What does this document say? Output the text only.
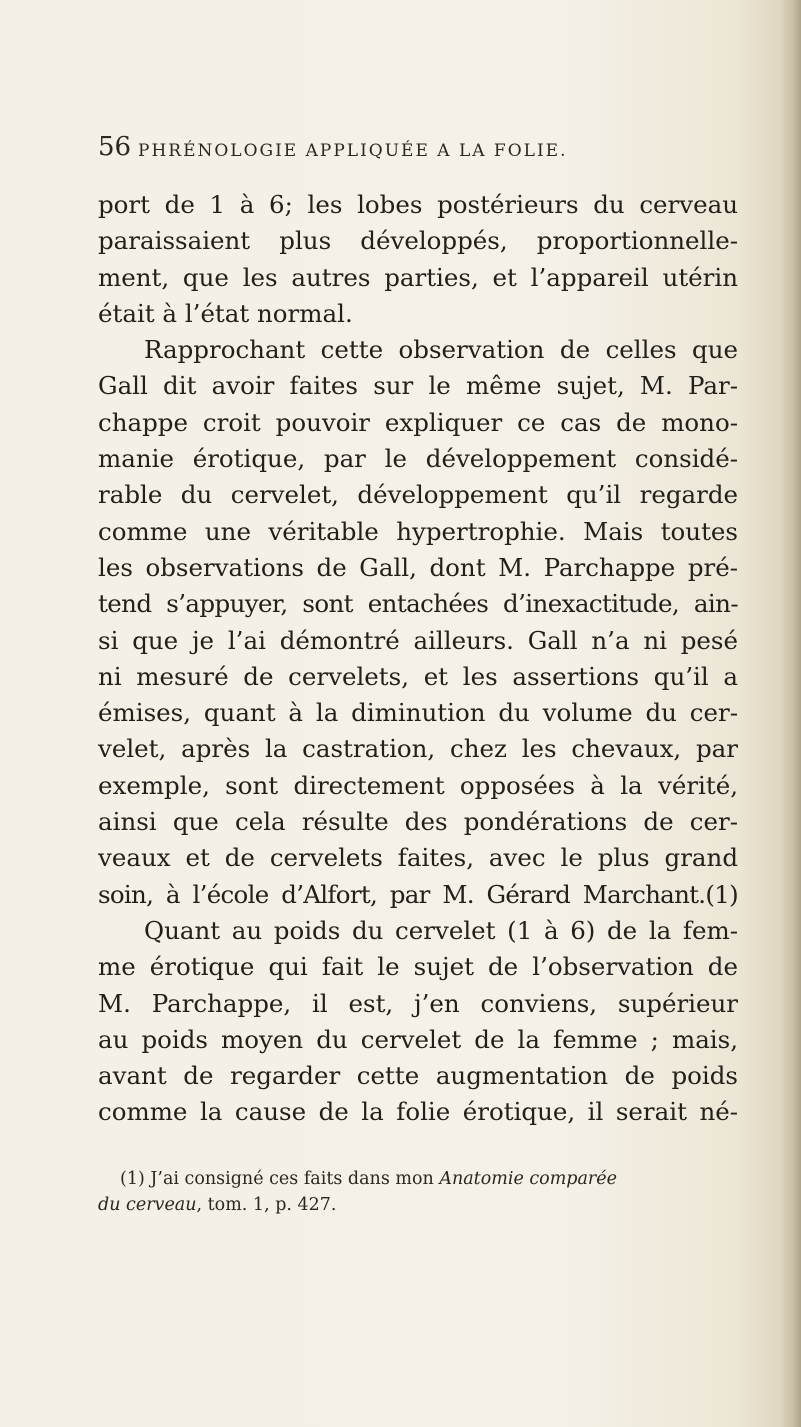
56 PHRÉNOLOGIE APPLIQUÉE A LA FOLIE.
port de 1 à 6; les lobes postérieurs du cerveau
paraissaient plus développés, proportionnelle-
ment, que les autres parties, et l’appareil utérin
était à l’état normal.
Rapprochant cette observation de celles que
Gall dit avoir faites sur le même sujet, M. Par-
chappe croit pouvoir expliquer ce cas de mono-
manie érotique, par le développement considé-
rable du cervelet, développement qu’il regarde
comme une véritable hypertrophie. Mais toutes
les observations de Gall, dont M. Parchappe pré-
tend s’appuyer, sont entachées d’inexactitude, ain-
si que je l’ai démontré ailleurs. Gall n’a ni pesé
ni mesuré de cervelets, et les assertions qu’il a
émises, quant à la diminution du volume du cer-
velet, après la castration, chez les chevaux, par
exemple, sont directement opposées à la vérité,
ainsi que cela résulte des pondérations de cer-
veaux et de cervelets faites, avec le plus grand
soin, à l’école d’Alfort, par M. Gérard Marchant.(1)
Quant au poids du cervelet (1 à 6) de la fem-
me érotique qui fait le sujet de l’observation de
M. Parchappe, il est, j’en conviens, supérieur
au poids moyen du cervelet de la femme ; mais,
avant de regarder cette augmentation de poids
comme la cause de la folie érotique, il serait né-
(1) J’ai consigné ces faits dans mon Anatomie comparée
du cerveau, tom. 1, p. 427.
